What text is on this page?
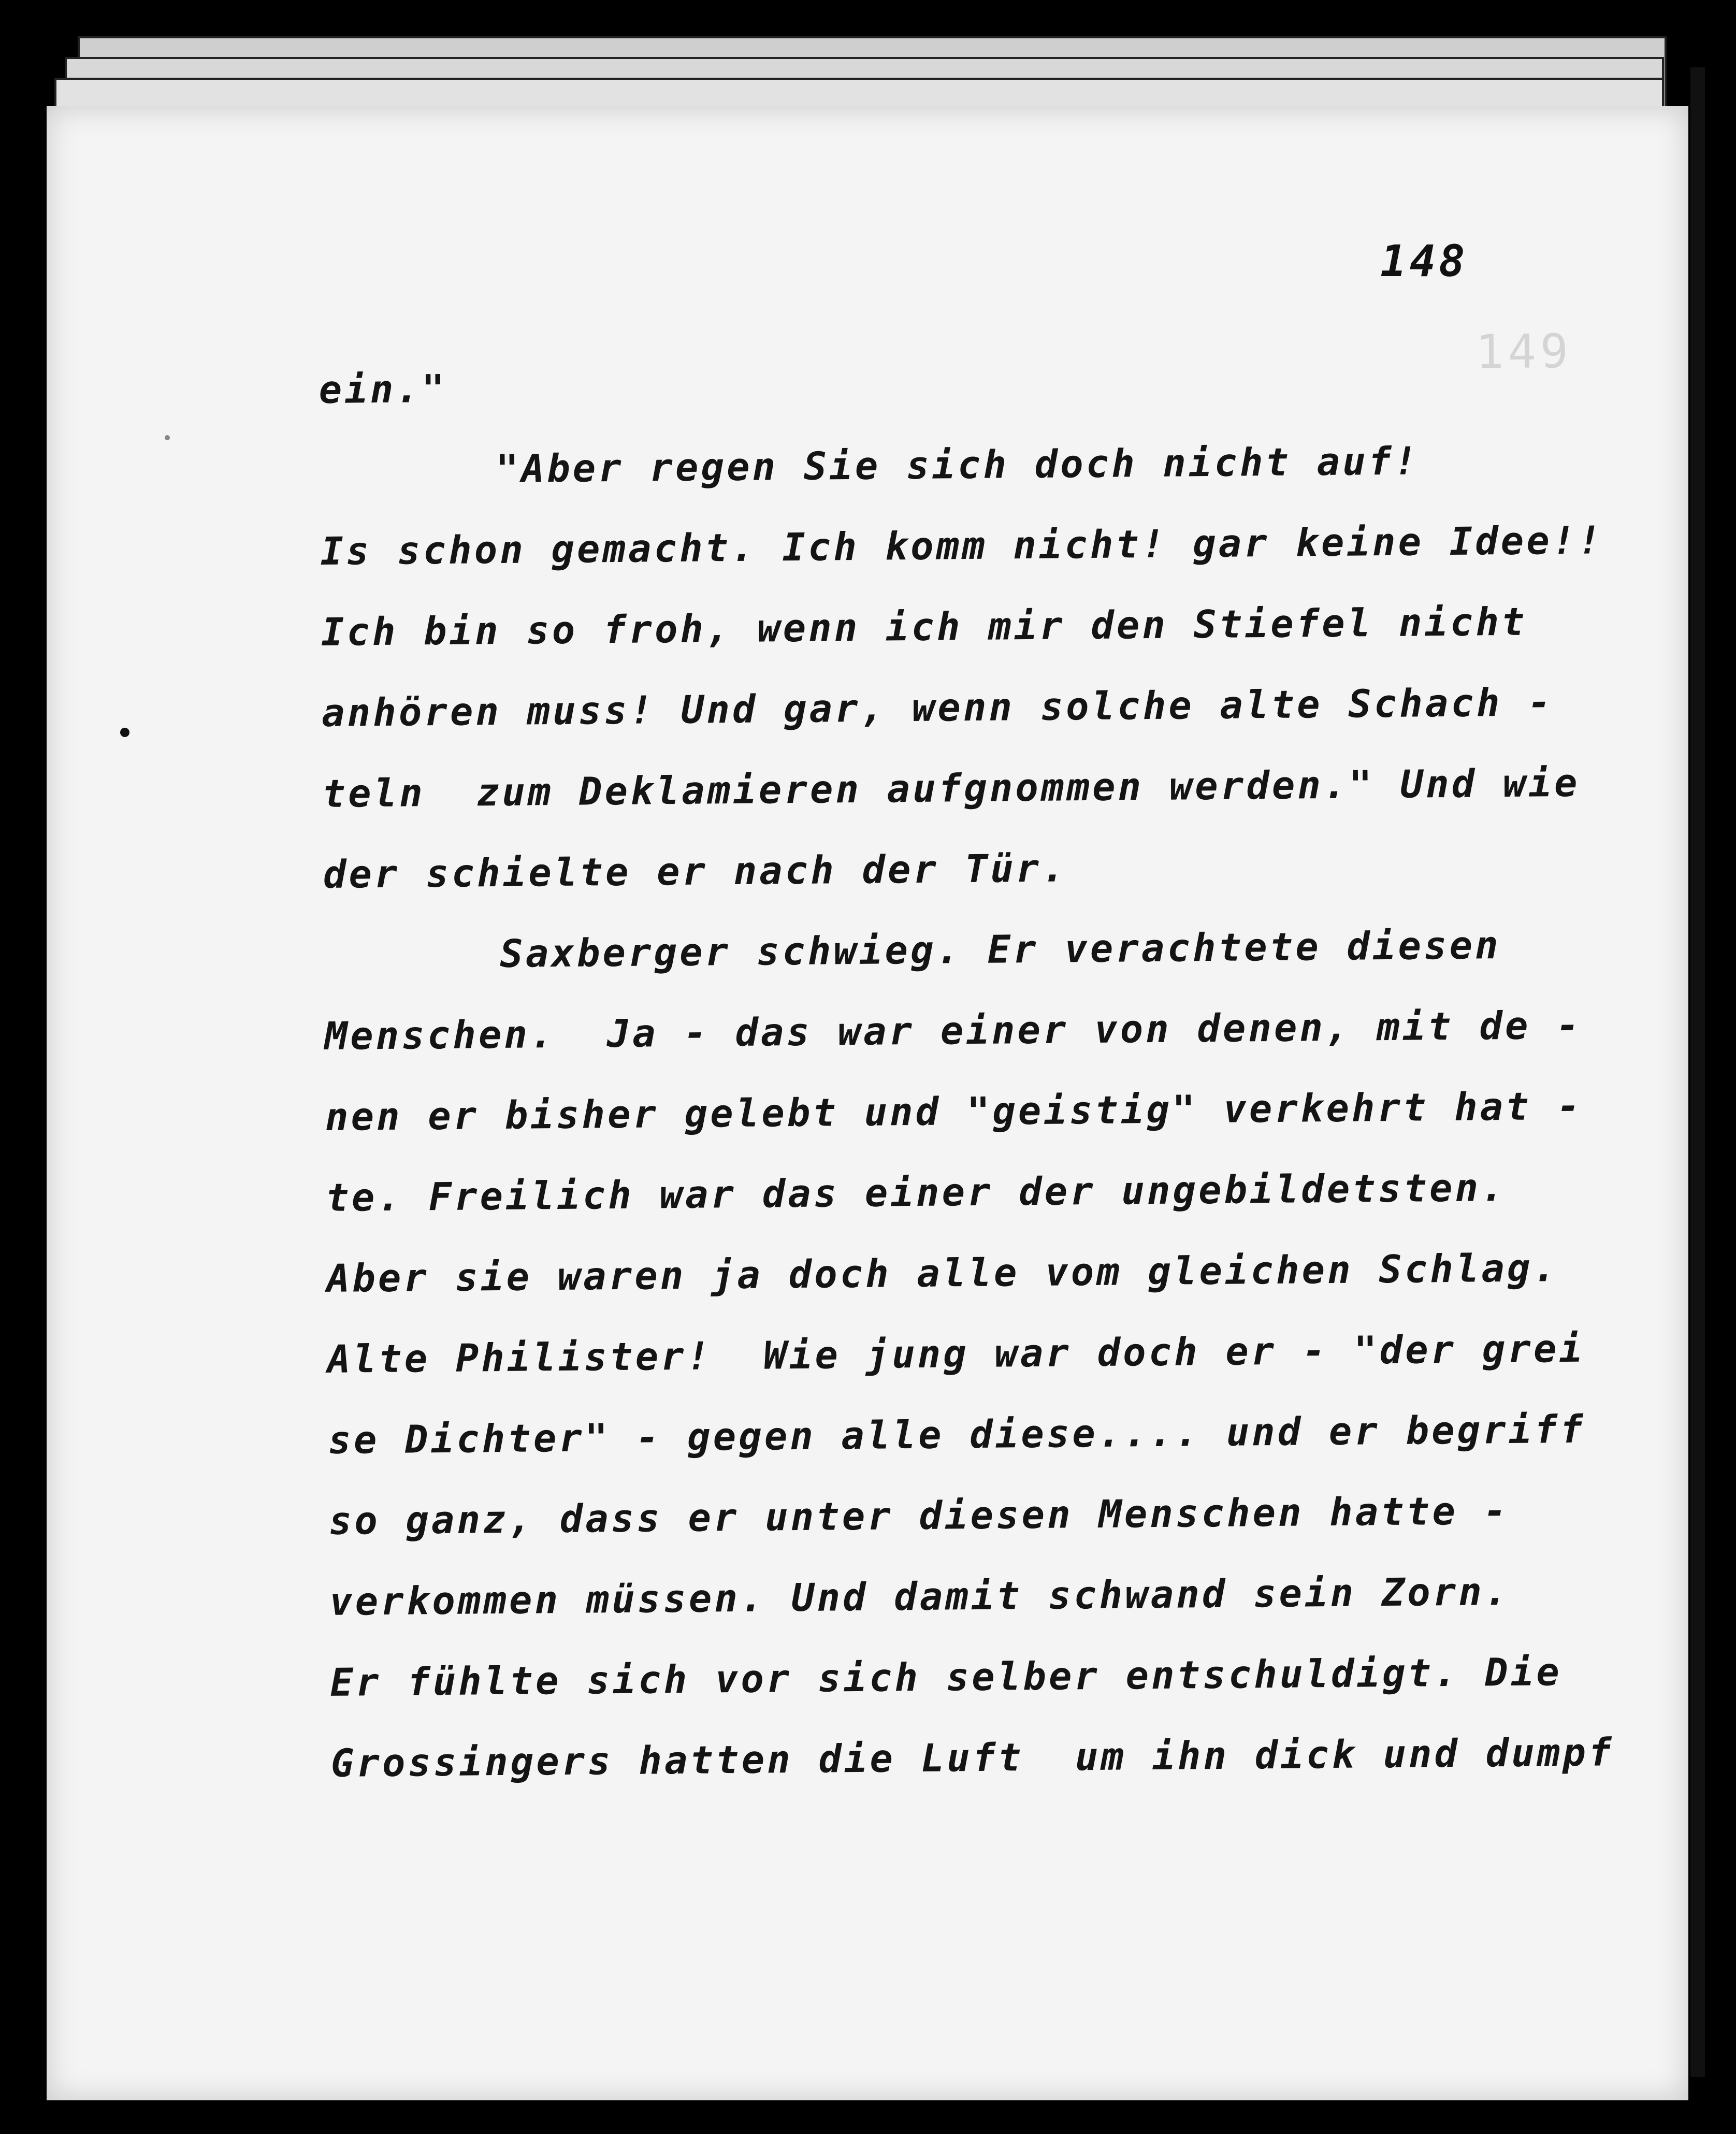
149
148
ein."
"Aber regen Sie sich doch nicht auf!
Is schon gemacht. Ich komm nicht! gar keine Idee!!
Ich bin so froh, wenn ich mir den Stiefel nicht
anhören muss! Und gar, wenn solche alte Schach -
teln  zum Deklamieren aufgnommen werden." Und wie
der schielte er nach der Tür.
Saxberger schwieg. Er verachtete diesen
Menschen.  Ja - das war einer von denen, mit de -
nen er bisher gelebt und "geistig" verkehrt hat -
te. Freilich war das einer der ungebildetsten.
Aber sie waren ja doch alle vom gleichen Schlag.
Alte Philister!  Wie jung war doch er - "der grei
se Dichter" - gegen alle diese.... und er begriff
so ganz, dass er unter diesen Menschen hatte -
verkommen müssen. Und damit schwand sein Zorn.
Er fühlte sich vor sich selber entschuldigt. Die
Grossingers hatten die Luft  um ihn dick und dumpf
